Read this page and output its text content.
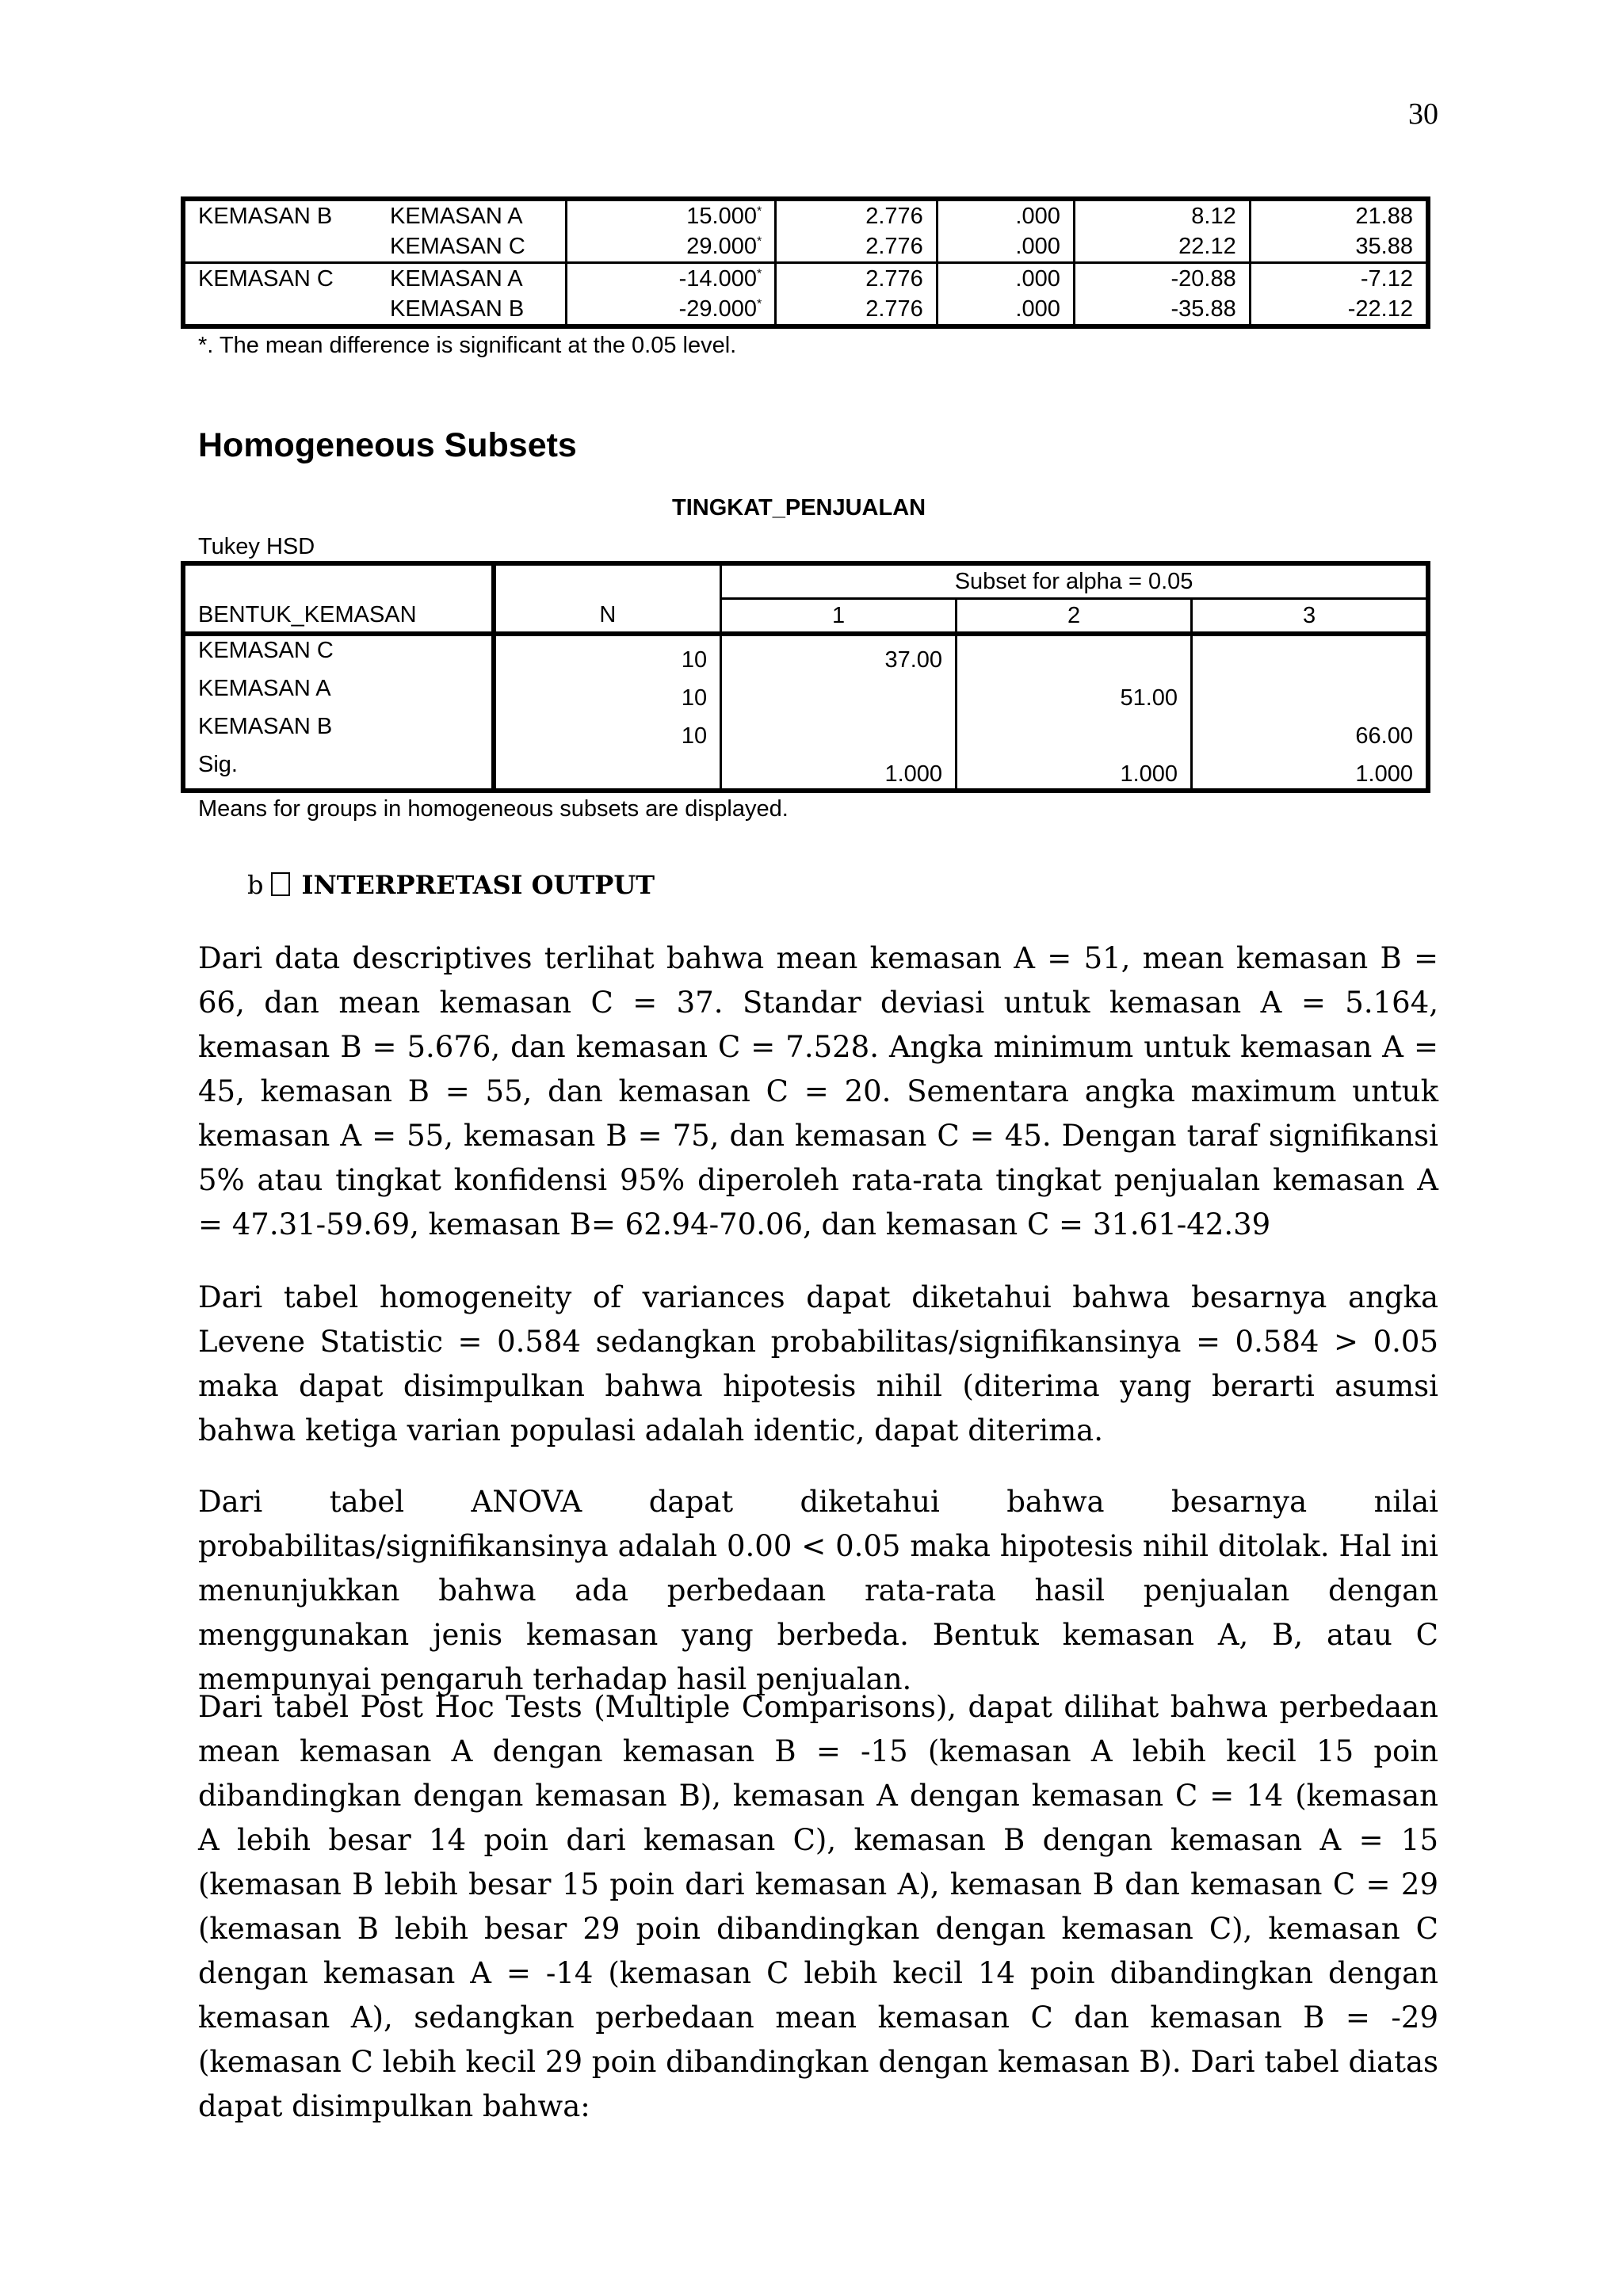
30
KEMASAN B	KEMASAN A	15.000*	2.776	.000	8.12	21.88
	KEMASAN C	29.000*	2.776	.000	22.12	35.88
KEMASAN C	KEMASAN A	-14.000*	2.776	.000	-20.88	-7.12
	KEMASAN B	-29.000*	2.776	.000	-35.88	-22.12
*. The mean difference is significant at the 0.05 level.
Homogeneous Subsets
TINGKAT_PENJUALAN
Tukey HSD
		Subset for alpha = 0.05		
BENTUK_KEMASAN	N	1	2	3
KEMASAN C	10	37.00		
KEMASAN A	10		51.00	
KEMASAN B	10			66.00
Sig.		1.000	1.000	1.000
Means for groups in homogeneous subsets are displayed.
b INTERPRETASI OUTPUT

Dari data descriptives terlihat bahwa mean kemasan A = 51, mean kemasan B = 66, dan mean kemasan C = 37. Standar deviasi untuk kemasan A = 5.164, kemasan B = 5.676, dan kemasan C = 7.528. Angka minimum untuk kemasan A = 45, kemasan B = 55, dan kemasan C = 20. Sementara angka maximum untuk kemasan A = 55, kemasan B = 75, dan kemasan C = 45. Dengan taraf signifikansi 5% atau tingkat konfidensi 95% diperoleh rata-rata tingkat penjualan kemasan A = 47.31-59.69, kemasan B= 62.94-70.06, dan kemasan C = 31.61-42.39

Dari tabel homogeneity of variances dapat diketahui bahwa besarnya angka Levene Statistic = 0.584 sedangkan probabilitas/signifikansinya = 0.584 > 0.05 maka dapat disimpulkan bahwa hipotesis nihil (diterima yang berarti asumsi bahwa ketiga varian populasi adalah identic, dapat diterima.

Dari tabel ANOVA dapat diketahui bahwa besarnya nilai probabilitas/signifikansinya adalah 0.00 < 0.05 maka hipotesis nihil ditolak. Hal ini menunjukkan bahwa ada perbedaan rata-rata hasil penjualan dengan menggunakan jenis kemasan yang berbeda. Bentuk kemasan A, B, atau C mempunyai pengaruh terhadap hasil penjualan.

Dari tabel Post Hoc Tests (Multiple Comparisons), dapat dilihat bahwa perbedaan mean kemasan A dengan kemasan B = -15 (kemasan A lebih kecil 15 poin dibandingkan dengan kemasan B), kemasan A dengan kemasan C = 14 (kemasan A lebih besar 14 poin dari kemasan C), kemasan B dengan kemasan A = 15 (kemasan B lebih besar 15 poin dari kemasan A), kemasan B dan kemasan C = 29 (kemasan B lebih besar 29 poin dibandingkan dengan kemasan C), kemasan C dengan kemasan A = -14 (kemasan C lebih kecil 14 poin dibandingkan dengan kemasan A), sedangkan perbedaan mean kemasan C dan kemasan B = -29 (kemasan C lebih kecil 29 poin dibandingkan dengan kemasan B). Dari tabel diatas dapat disimpulkan bahwa:
